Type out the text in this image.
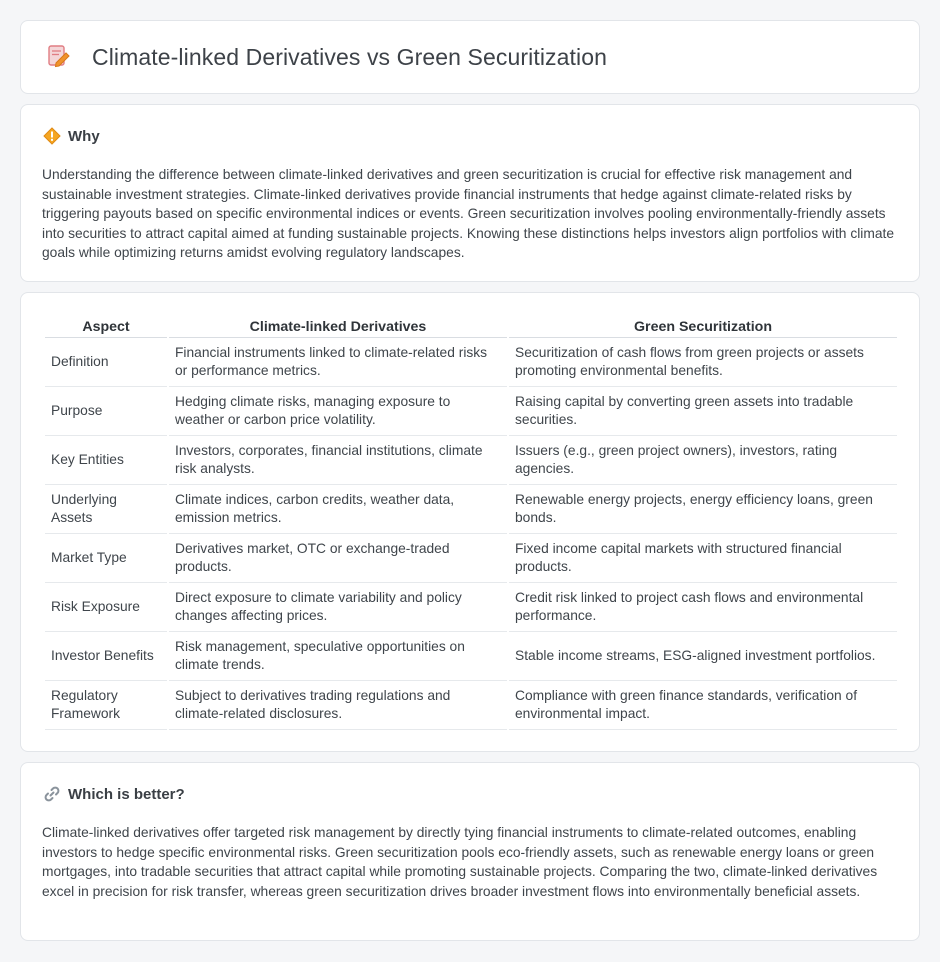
Climate-linked Derivatives vs Green Securitization
Why

Understanding the difference between climate-linked derivatives and green securitization is crucial for effective risk management and sustainable investment strategies. Climate-linked derivatives provide financial instruments that hedge against climate-related risks by triggering payouts based on specific environmental indices or events. Green securitization involves pooling environmentally-friendly assets into securities to attract capital aimed at funding sustainable projects. Knowing these distinctions helps investors align portfolios with climate goals while optimizing returns amidst evolving regulatory landscapes.

Aspect	Climate-linked Derivatives	Green Securitization
Definition	Financial instruments linked to climate-related risks or performance metrics.	Securitization of cash flows from green projects or assets promoting environmental benefits.
Purpose	Hedging climate risks, managing exposure to weather or carbon price volatility.	Raising capital by converting green assets into tradable securities.
Key Entities	Investors, corporates, financial institutions, climate risk analysts.	Issuers (e.g., green project owners), investors, rating agencies.
Underlying Assets	Climate indices, carbon credits, weather data, emission metrics.	Renewable energy projects, energy efficiency loans, green bonds.
Market Type	Derivatives market, OTC or exchange-traded products.	Fixed income capital markets with structured financial products.
Risk Exposure	Direct exposure to climate variability and policy changes affecting prices.	Credit risk linked to project cash flows and environmental performance.
Investor Benefits	Risk management, speculative opportunities on climate trends.	Stable income streams, ESG-aligned investment portfolios.
Regulatory Framework	Subject to derivatives trading regulations and climate-related disclosures.	Compliance with green finance standards, verification of environmental impact.
Which is better?

Climate-linked derivatives offer targeted risk management by directly tying financial instruments to climate-related outcomes, enabling investors to hedge specific environmental risks. Green securitization pools eco-friendly assets, such as renewable energy loans or green mortgages, into tradable securities that attract capital while promoting sustainable projects. Comparing the two, climate-linked derivatives excel in precision for risk transfer, whereas green securitization drives broader investment flows into environmentally beneficial assets.
